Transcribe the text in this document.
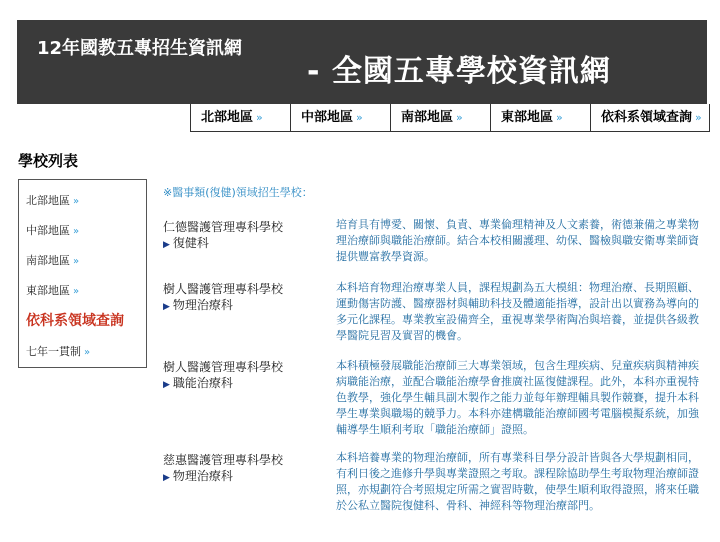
12年國教五專招生資訊網
- 全國五專學校資訊網
北部地區 »	中部地區 »	南部地區 »	東部地區 »	依科系領域查詢 »
學校列表
北部地區 »
中部地區 »
南部地區 »
東部地區 »
依科系領域查詢
七年一貫制 »
※醫事類(復健)領域招生學校：
仁德醫護管理專科學校
▶ 復健科
培育具有博愛、關懷、負責、專業倫理精神及人文素養，術德兼備之專業物理治療師與職能治療師。結合本校相關護理、幼保、醫檢與職安衛專業師資提供豐富教學資源。
樹人醫護管理專科學校
▶ 物理治療科
本科培育物理治療專業人員，課程規劃為五大模組：物理治療、長期照顧、運動傷害防護、醫療器材與輔助科技及體適能指導，設計出以實務為導向的多元化課程。專業教室設備齊全，重視專業學術陶冶與培養，並提供各級教學醫院見習及實習的機會。
樹人醫護管理專科學校
▶ 職能治療科
本科積極發展職能治療師三大專業領域，包含生理疾病、兒童疾病與精神疾病職能治療，並配合職能治療學會推廣社區復健課程。此外，本科亦重視特色教學，強化學生輔具副木製作之能力並每年辦理輔具製作競賽，提升本科學生專業與職場的競爭力。本科亦建構職能治療師國考電腦模擬系統，加強輔導學生順利考取「職能治療師」證照。
慈惠醫護管理專科學校
▶ 物理治療科
本科培養專業的物理治療師，所有專業科目學分設計皆與各大學規劃相同，有利日後之進修升學與專業證照之考取。課程除協助學生考取物理治療師證照，亦規劃符合考照規定所需之實習時數，使學生順利取得證照，將來任職於公私立醫院復健科、骨科、神經科等物理治療部門。
